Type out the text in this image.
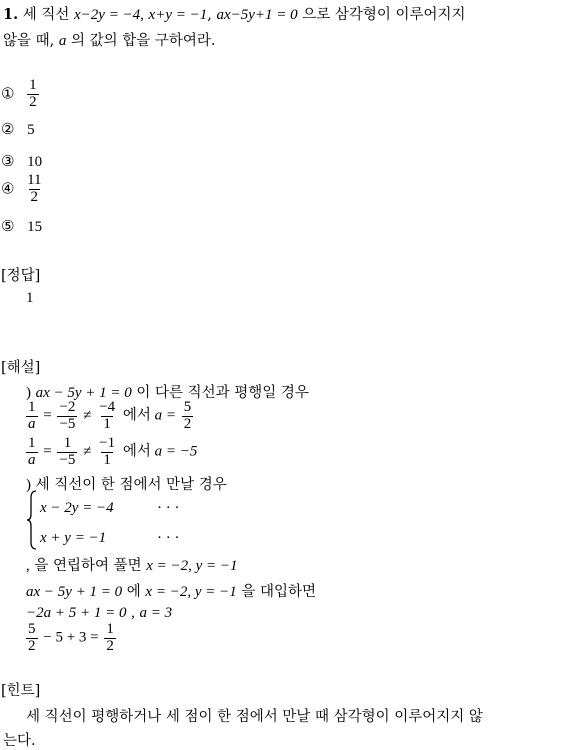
1. 세 직선 x−2y = −4, x+y = −1, ax−5y+1 = 0 으로 삼각형이 이루어지지
않을 때, a 의 값의 합을 구하여라.
① $\frac{1}{2}$
② 5
③ 10
④ $\frac{11}{2}$
⑤ 15
[정답]
1
[해설]
) ax − 5y + 1 = 0 이 다른 직선과 평행일 경우
$\frac{1}{a} = \frac{-2}{-5} \ne \frac{-4}{1}$ 에서 $a = \frac{5}{2}$
$\frac{1}{a} = \frac{1}{-5} \ne \frac{-1}{1}$ 에서 a = −5
) 세 직선이 한 점에서 만날 경우
x − 2y = −4	· · ·
x + y = −1	· · ·
, 을 연립하여 풀면 x = −2, y = −1
ax − 5y + 1 = 0 에 x = −2, y = −1 을 대입하면
−2a + 5 + 1 = 0 , a = 3
$\frac{5}{2} - 5 + 3 = \frac{1}{2}$
[힌트]
세 직선이 평행하거나 세 점이 한 점에서 만날 때 삼각형이 이루어지지 않
는다.
